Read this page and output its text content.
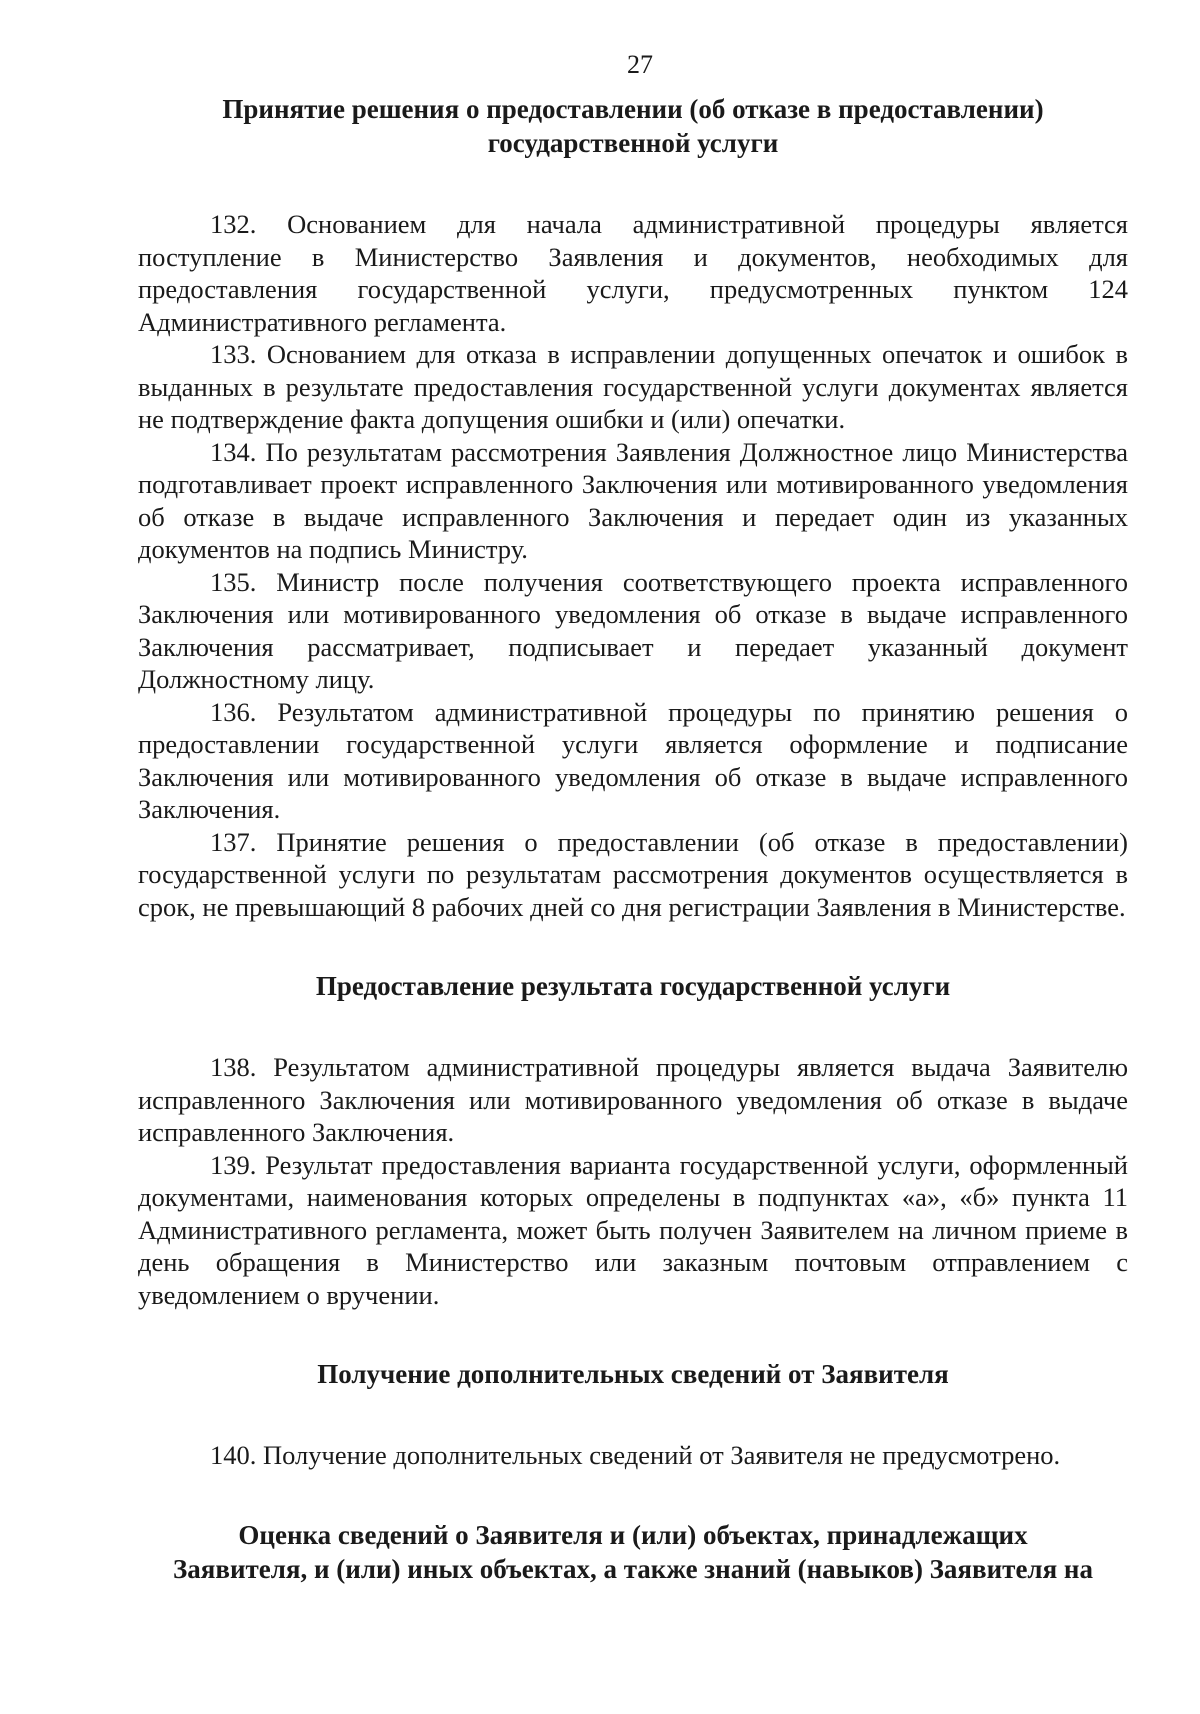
27
Принятие решения о предоставлении (об отказе в предоставлении)
государственной услуги

132. Основанием для начала административной процедуры является поступление в Министерство Заявления и документов, необходимых для предоставления государственной услуги, предусмотренных пунктом 124 Административного регламента.

133. Основанием для отказа в исправлении допущенных опечаток и ошибок в выданных в результате предоставления государственной услуги документах является не подтверждение факта допущения ошибки и (или) опечатки.

134. По результатам рассмотрения Заявления Должностное лицо Министерства подготавливает проект исправленного Заключения или мотивированного уведомления об отказе в выдаче исправленного Заключения и передает один из указанных документов на подпись Министру.

135. Министр после получения соответствующего проекта исправленного Заключения или мотивированного уведомления об отказе в выдаче исправленного Заключения рассматривает, подписывает и передает указанный документ Должностному лицу.

136. Результатом административной процедуры по принятию решения о предоставлении государственной услуги является оформление и подписание Заключения или мотивированного уведомления об отказе в выдаче исправленного Заключения.

137. Принятие решения о предоставлении (об отказе в предоставлении) государственной услуги по результатам рассмотрения документов осуществляется в срок, не превышающий 8 рабочих дней со дня регистрации Заявления в Министерстве.

Предоставление результата государственной услуги

138. Результатом административной процедуры является выдача Заявителю исправленного Заключения или мотивированного уведомления об отказе в выдаче исправленного Заключения.

139. Результат предоставления варианта государственной услуги, оформленный документами, наименования которых определены в подпунктах «а», «б» пункта 11 Административного регламента, может быть получен Заявителем на личном приеме в день обращения в Министерство или заказным почтовым отправлением с уведомлением о вручении.

Получение дополнительных сведений от Заявителя

140. Получение дополнительных сведений от Заявителя не предусмотрено.

Оценка сведений о Заявителя и (или) объектах, принадлежащих
Заявителя, и (или) иных объектах, а также знаний (навыков) Заявителя на
